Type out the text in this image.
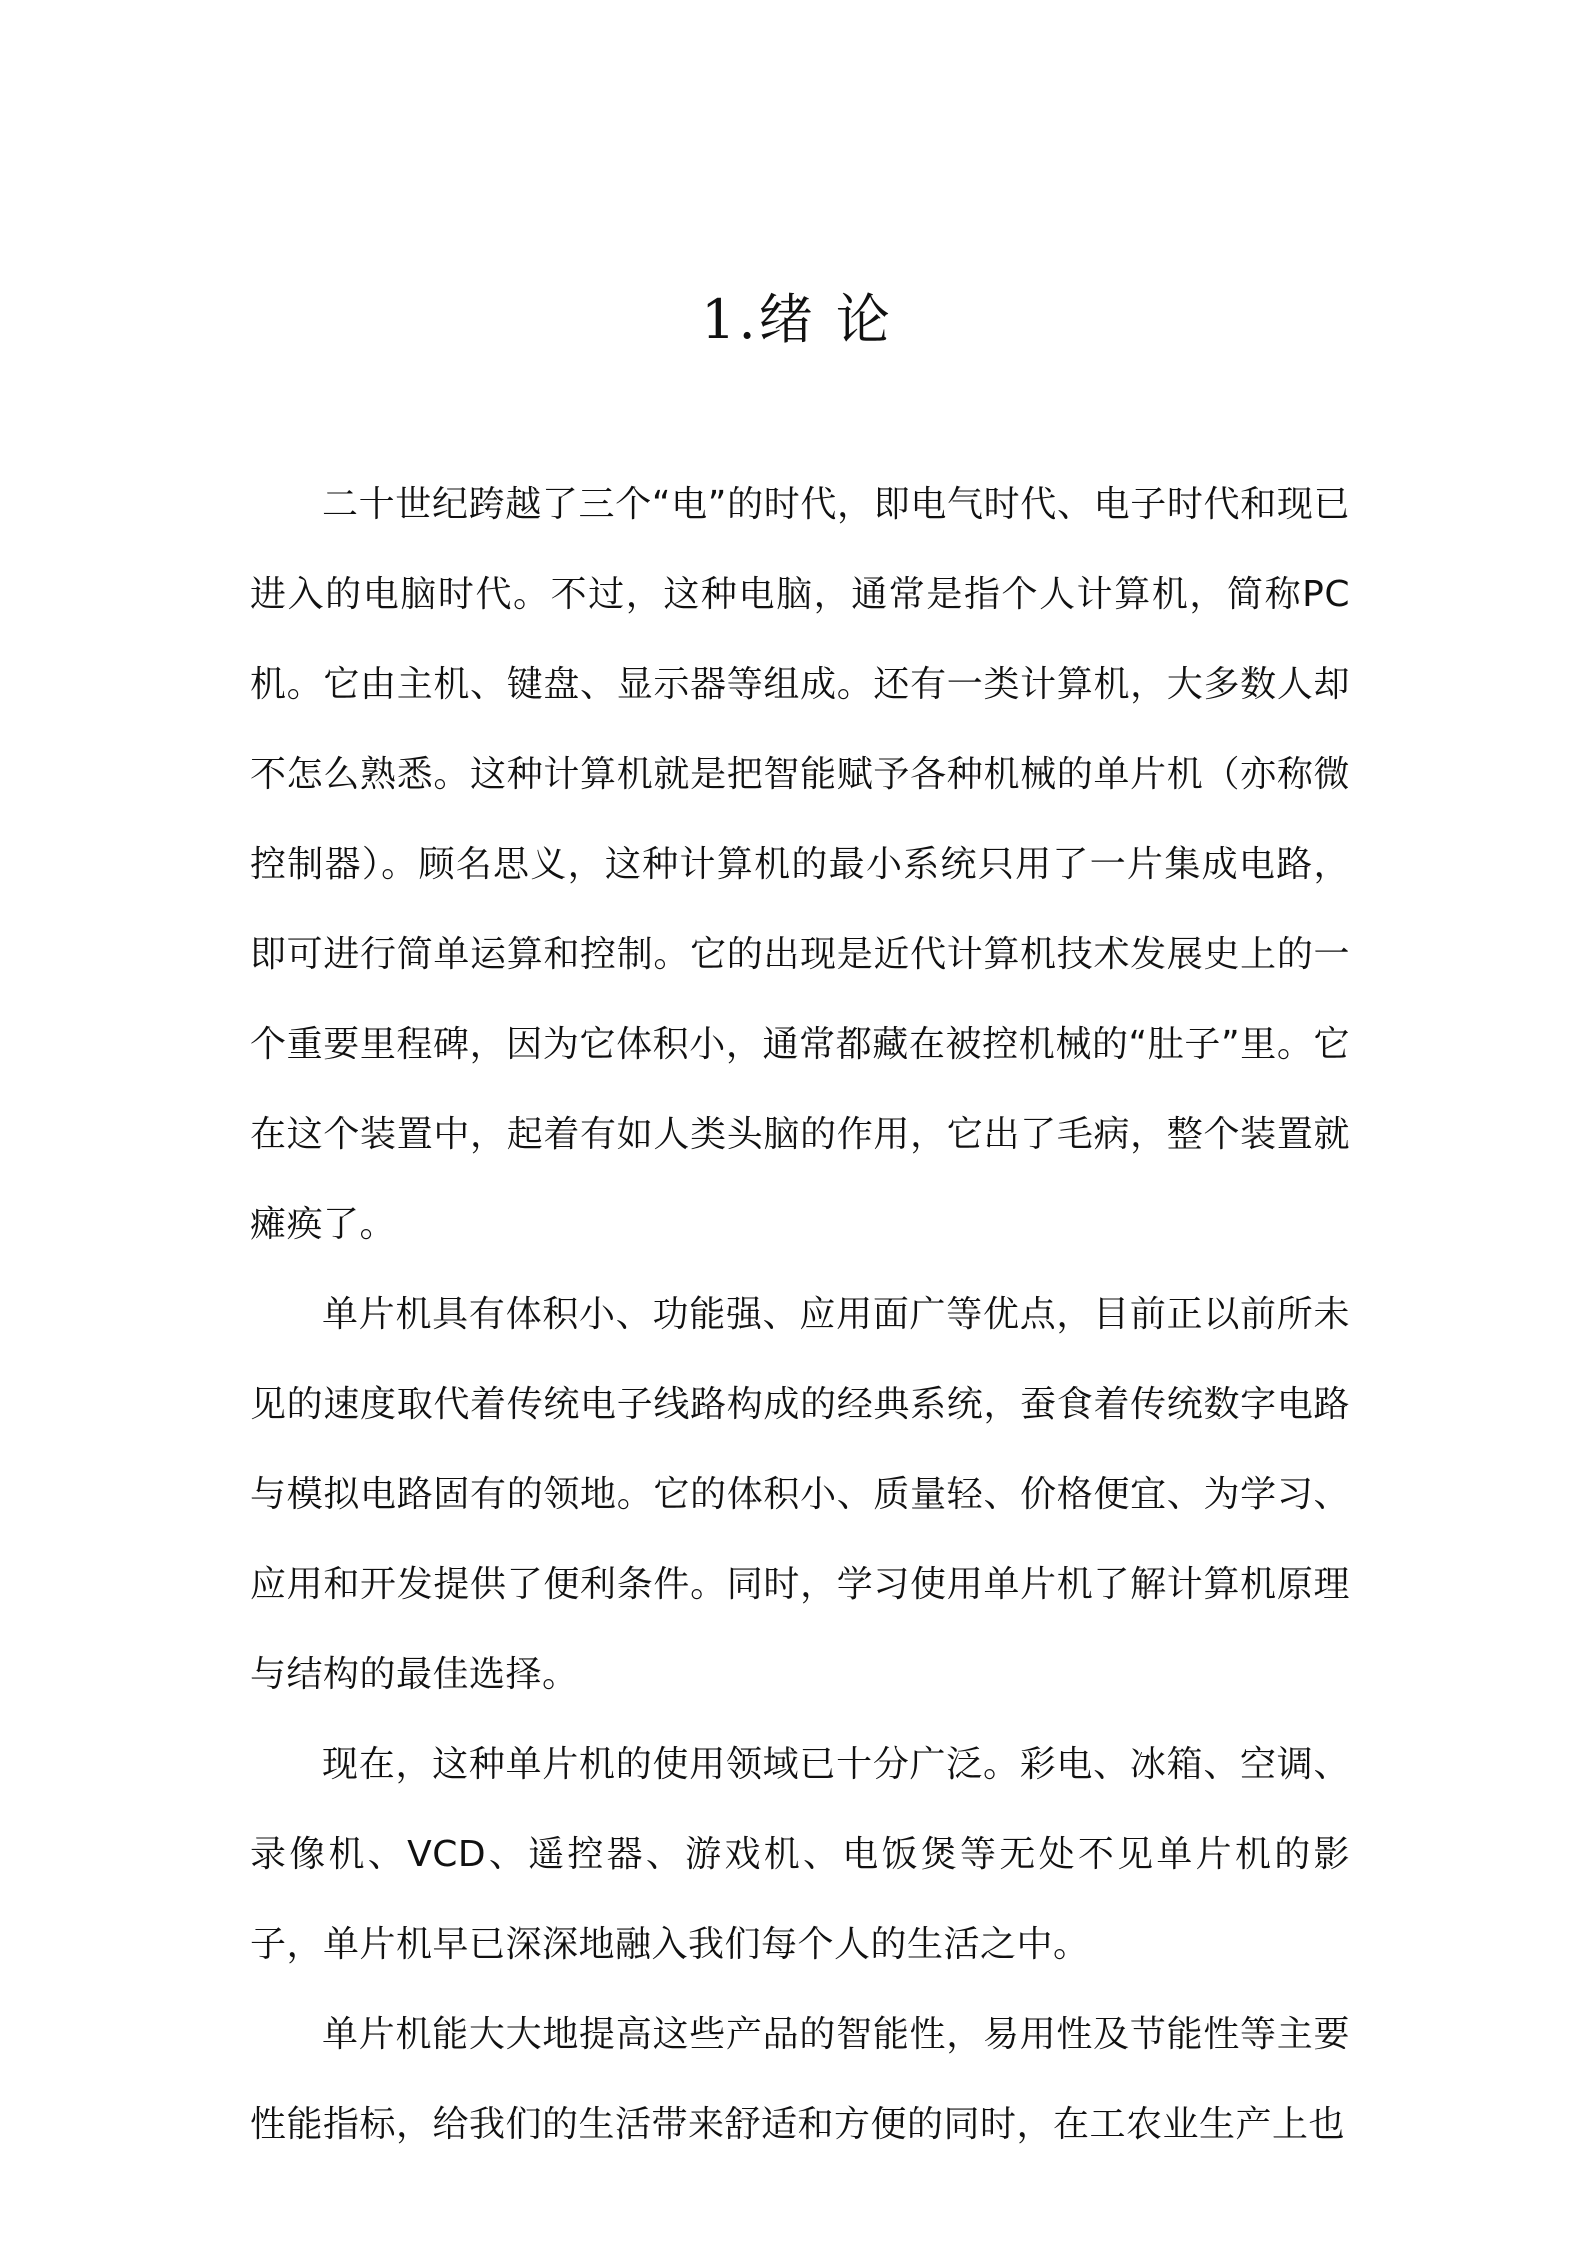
1.绪 论

二十世纪跨越了三个“电”的时代，即电气时代、电子时代和现已进入的电脑时代。不过，这种电脑，通常是指个人计算机，简称PC 机。它由主机、键盘、显示器等组成。还有一类计算机，大多数人却不怎么熟悉。这种计算机就是把智能赋予各种机械的单片机（亦称微控制器）。顾名思义，这种计算机的最小系统只用了一片集成电路，即可进行简单运算和控制。它的出现是近代计算机技术发展史上的一个重要里程碑，因为它体积小，通常都藏在被控机械的“肚子”里。它在这个装置中，起着有如人类头脑的作用，它出了毛病，整个装置就瘫痪了。

单片机具有体积小、功能强、应用面广等优点，目前正以前所未见的速度取代着传统电子线路构成的经典系统，蚕食着传统数字电路与模拟电路固有的领地。它的体积小、质量轻、价格便宜、为学习、应用和开发提供了便利条件。同时，学习使用单片机了解计算机原理与结构的最佳选择。

现在，这种单片机的使用领域已十分广泛。彩电、冰箱、空调、录像机、VCD、遥控器、游戏机、电饭煲等无处不见单片机的影子，单片机早已深深地融入我们每个人的生活之中。

单片机能大大地提高这些产品的智能性，易用性及节能性等主要性能指标，给我们的生活带来舒适和方便的同时，在工农业生产上也
